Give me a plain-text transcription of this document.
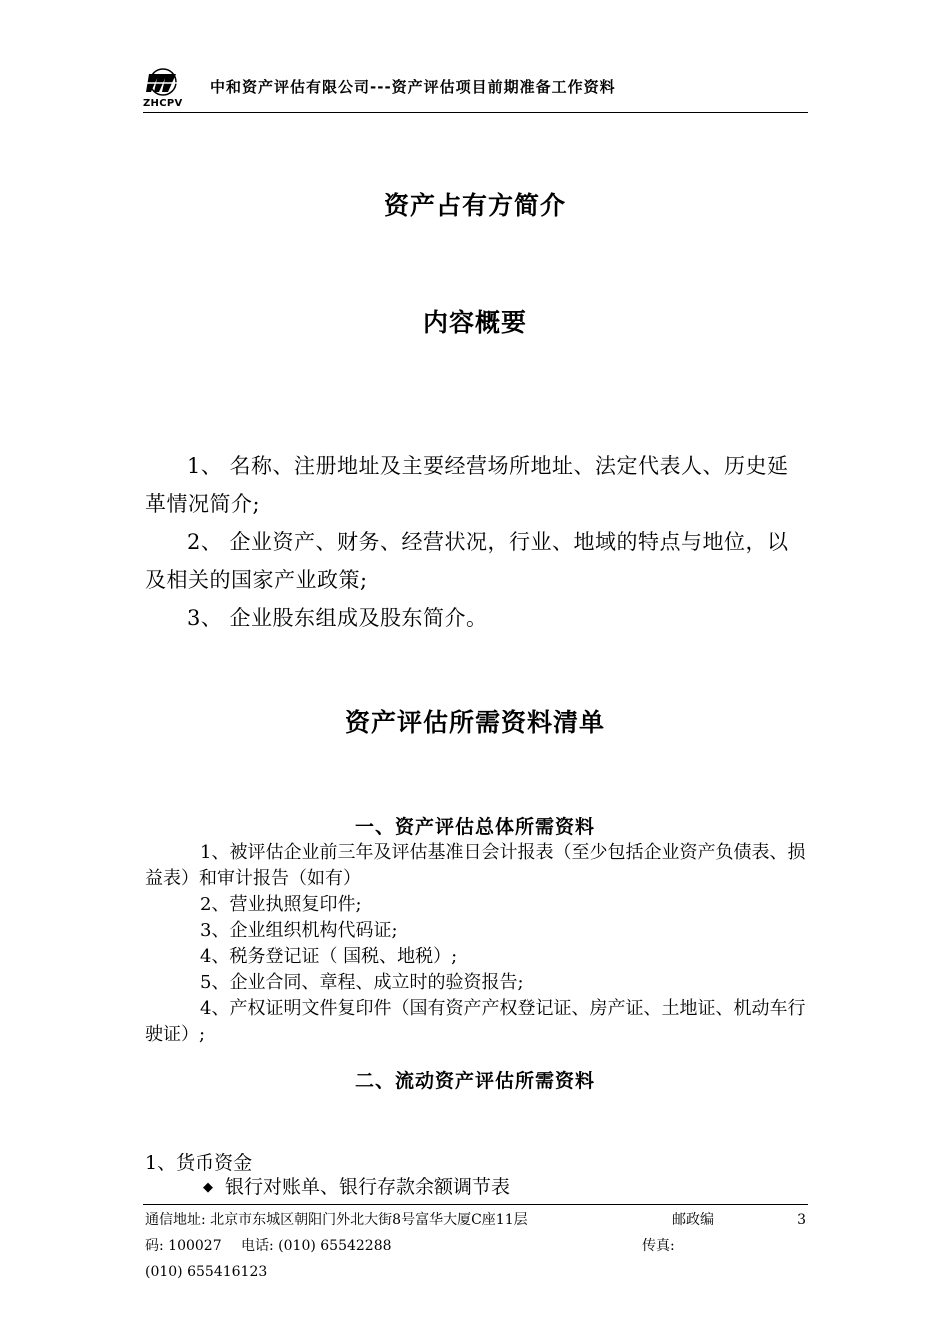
ZHCPV
中和资产评估有限公司---资产评估项目前期准备工作资料
资产占有方简介
内容概要

1、 名称、注册地址及主要经营场所地址、法定代表人、历史延革情况简介;

2、 企业资产、财务、经营状况，行业、地域的特点与地位，以及相关的国家产业政策;

3、 企业股东组成及股东简介。

资产评估所需资料清单
一、资产评估总体所需资料

1、被评估企业前三年及评估基准日会计报表（至少包括企业资产负债表、损益表）和审计报告（如有）

2、营业执照复印件;

3、企业组织机构代码证;

4、税务登记证（ 国税、地税）;

5、企业合同、章程、成立时的验资报告;

4、产权证明文件复印件（国有资产产权登记证、房产证、土地证、机动车行驶证）;

二、流动资产评估所需资料
1、货币资金
◆ 银行对账单、银行存款余额调节表
通信地址: 北京市东城区朝阳门外北大街8号富华大厦C座11层	邮政编	3
码: 100027 电话: (010) 65542288	传真:
(010) 655416123
